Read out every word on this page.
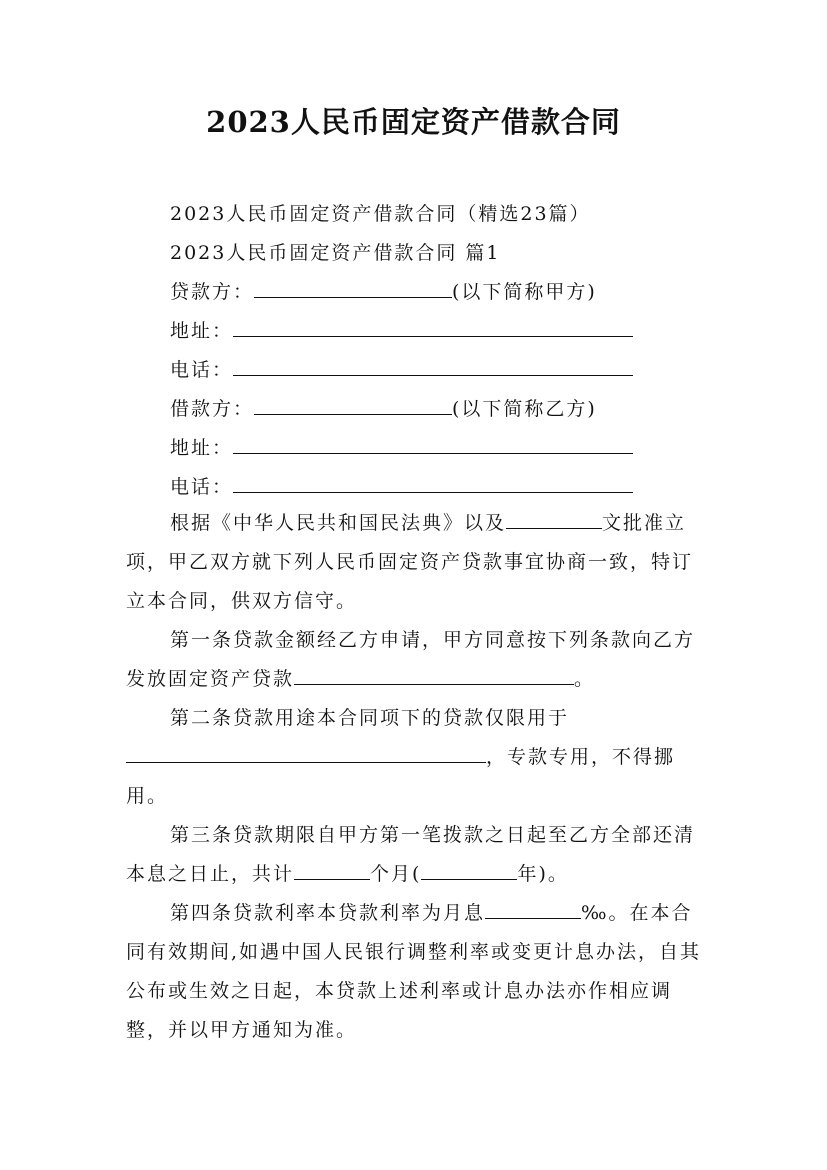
2023人民币固定资产借款合同
2023人民币固定资产借款合同（精选23篇）
2023人民币固定资产借款合同 篇1
贷款方：	(以下简称甲方)
地址：
电话：
借款方：	(以下简称乙方)
地址：
电话：
根据《中华人民共和国民法典》以及	文批准立项，甲乙双方就下列人民币固定资产贷款事宜协商一致，特订立本合同，供双方信守。
第一条贷款金额经乙方申请，甲方同意按下列条款向乙方发放固定资产贷款	。
第二条贷款用途本合同项下的贷款仅限用于，专款专用，不得挪用。
第三条贷款期限自甲方第一笔拨款之日起至乙方全部还清本息之日止，共计	个月(	年)。
第四条贷款利率本贷款利率为月息	‰。在本合同有效期间,如遇中国人民银行调整利率或变更计息办法，自其公布或生效之日起，本贷款上述利率或计息办法亦作相应调整，并以甲方通知为准。
